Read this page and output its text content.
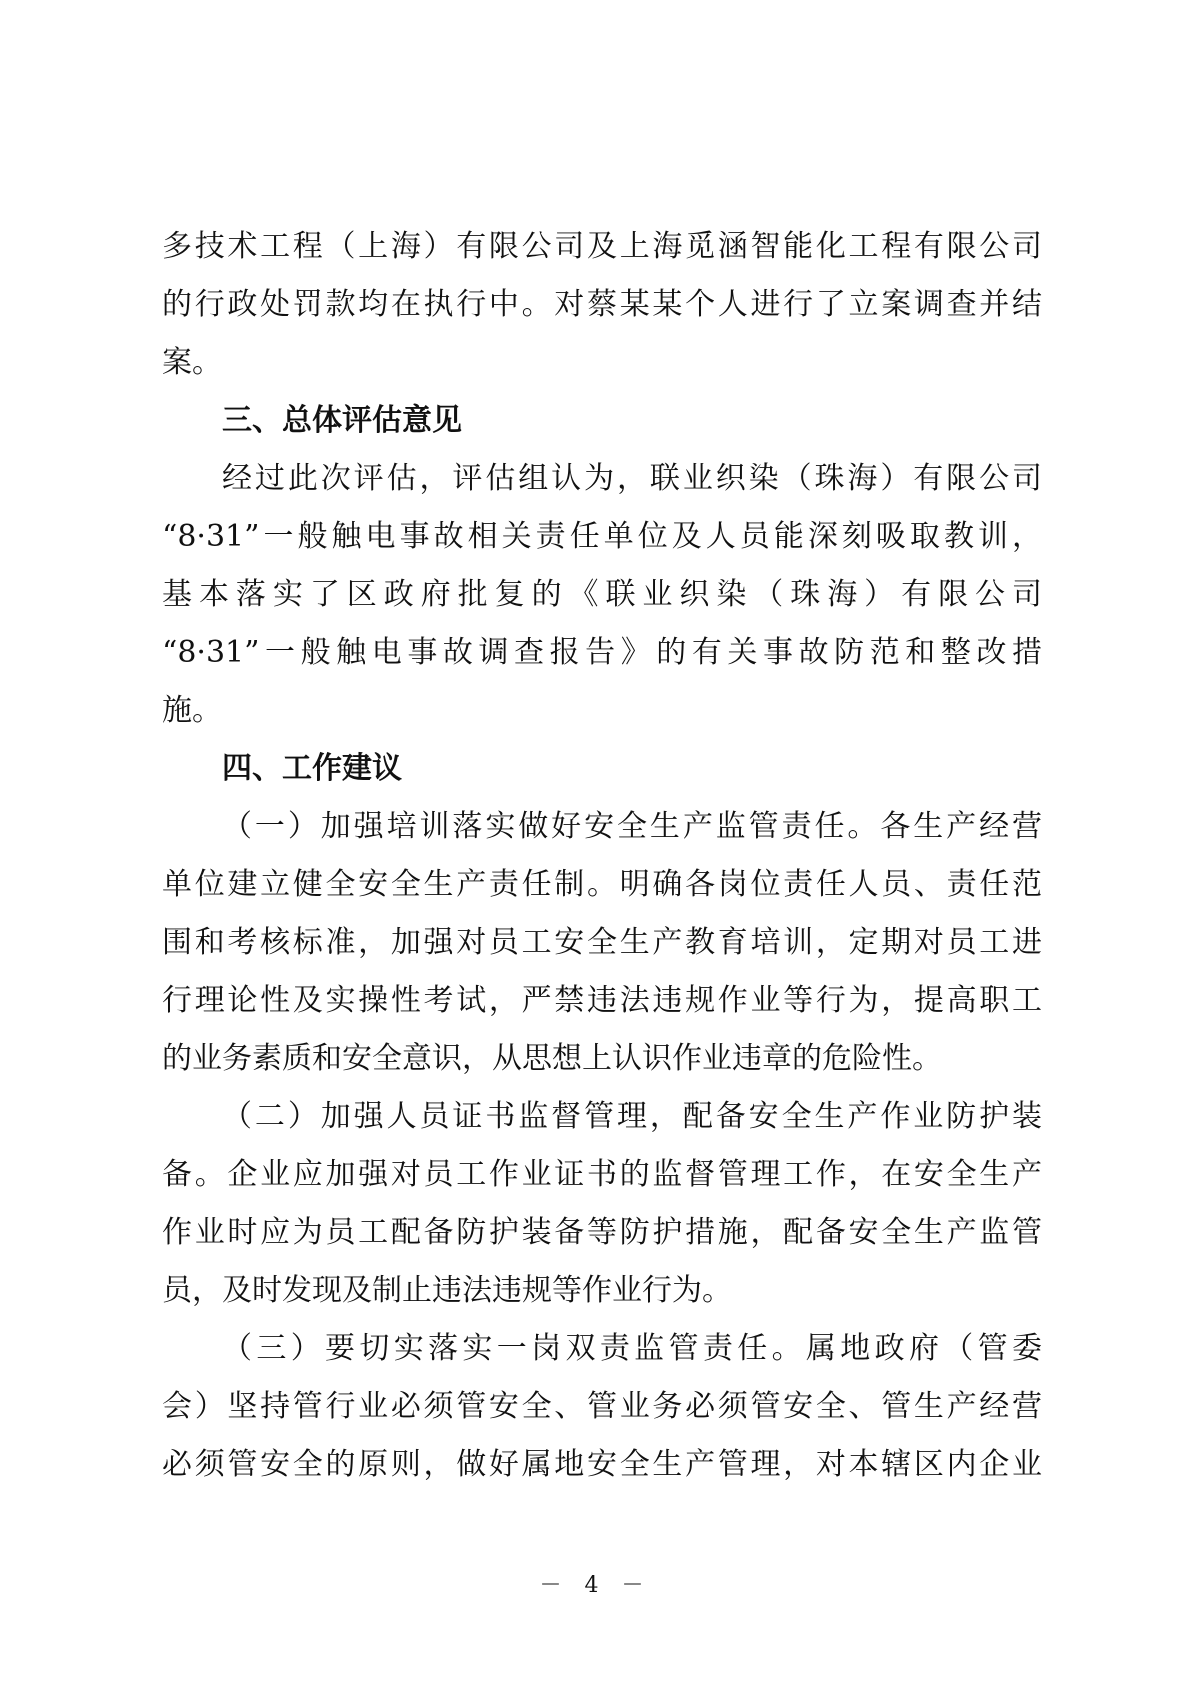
多技术工程（上海）有限公司及上海觅涵智能化工程有限公司
的行政处罚款均在执行中。对蔡某某个人进行了立案调查并结
案。
三、总体评估意见
经过此次评估，评估组认为，联业织染（珠海）有限公司
“8·31”一般触电事故相关责任单位及人员能深刻吸取教训，
基本落实了区政府批复的《联业织染（珠海）有限公司
“8·31”一般触电事故调查报告》的有关事故防范和整改措
施。
四、工作建议
（一）加强培训落实做好安全生产监管责任。各生产经营
单位建立健全安全生产责任制。明确各岗位责任人员、责任范
围和考核标准，加强对员工安全生产教育培训，定期对员工进
行理论性及实操性考试，严禁违法违规作业等行为，提高职工
的业务素质和安全意识，从思想上认识作业违章的危险性。
（二）加强人员证书监督管理，配备安全生产作业防护装
备。企业应加强对员工作业证书的监督管理工作，在安全生产
作业时应为员工配备防护装备等防护措施，配备安全生产监管
员，及时发现及制止违法违规等作业行为。
（三）要切实落实一岗双责监管责任。属地政府（管委
会）坚持管行业必须管安全、管业务必须管安全、管生产经营
必须管安全的原则，做好属地安全生产管理，对本辖区内企业
－ 4 －
